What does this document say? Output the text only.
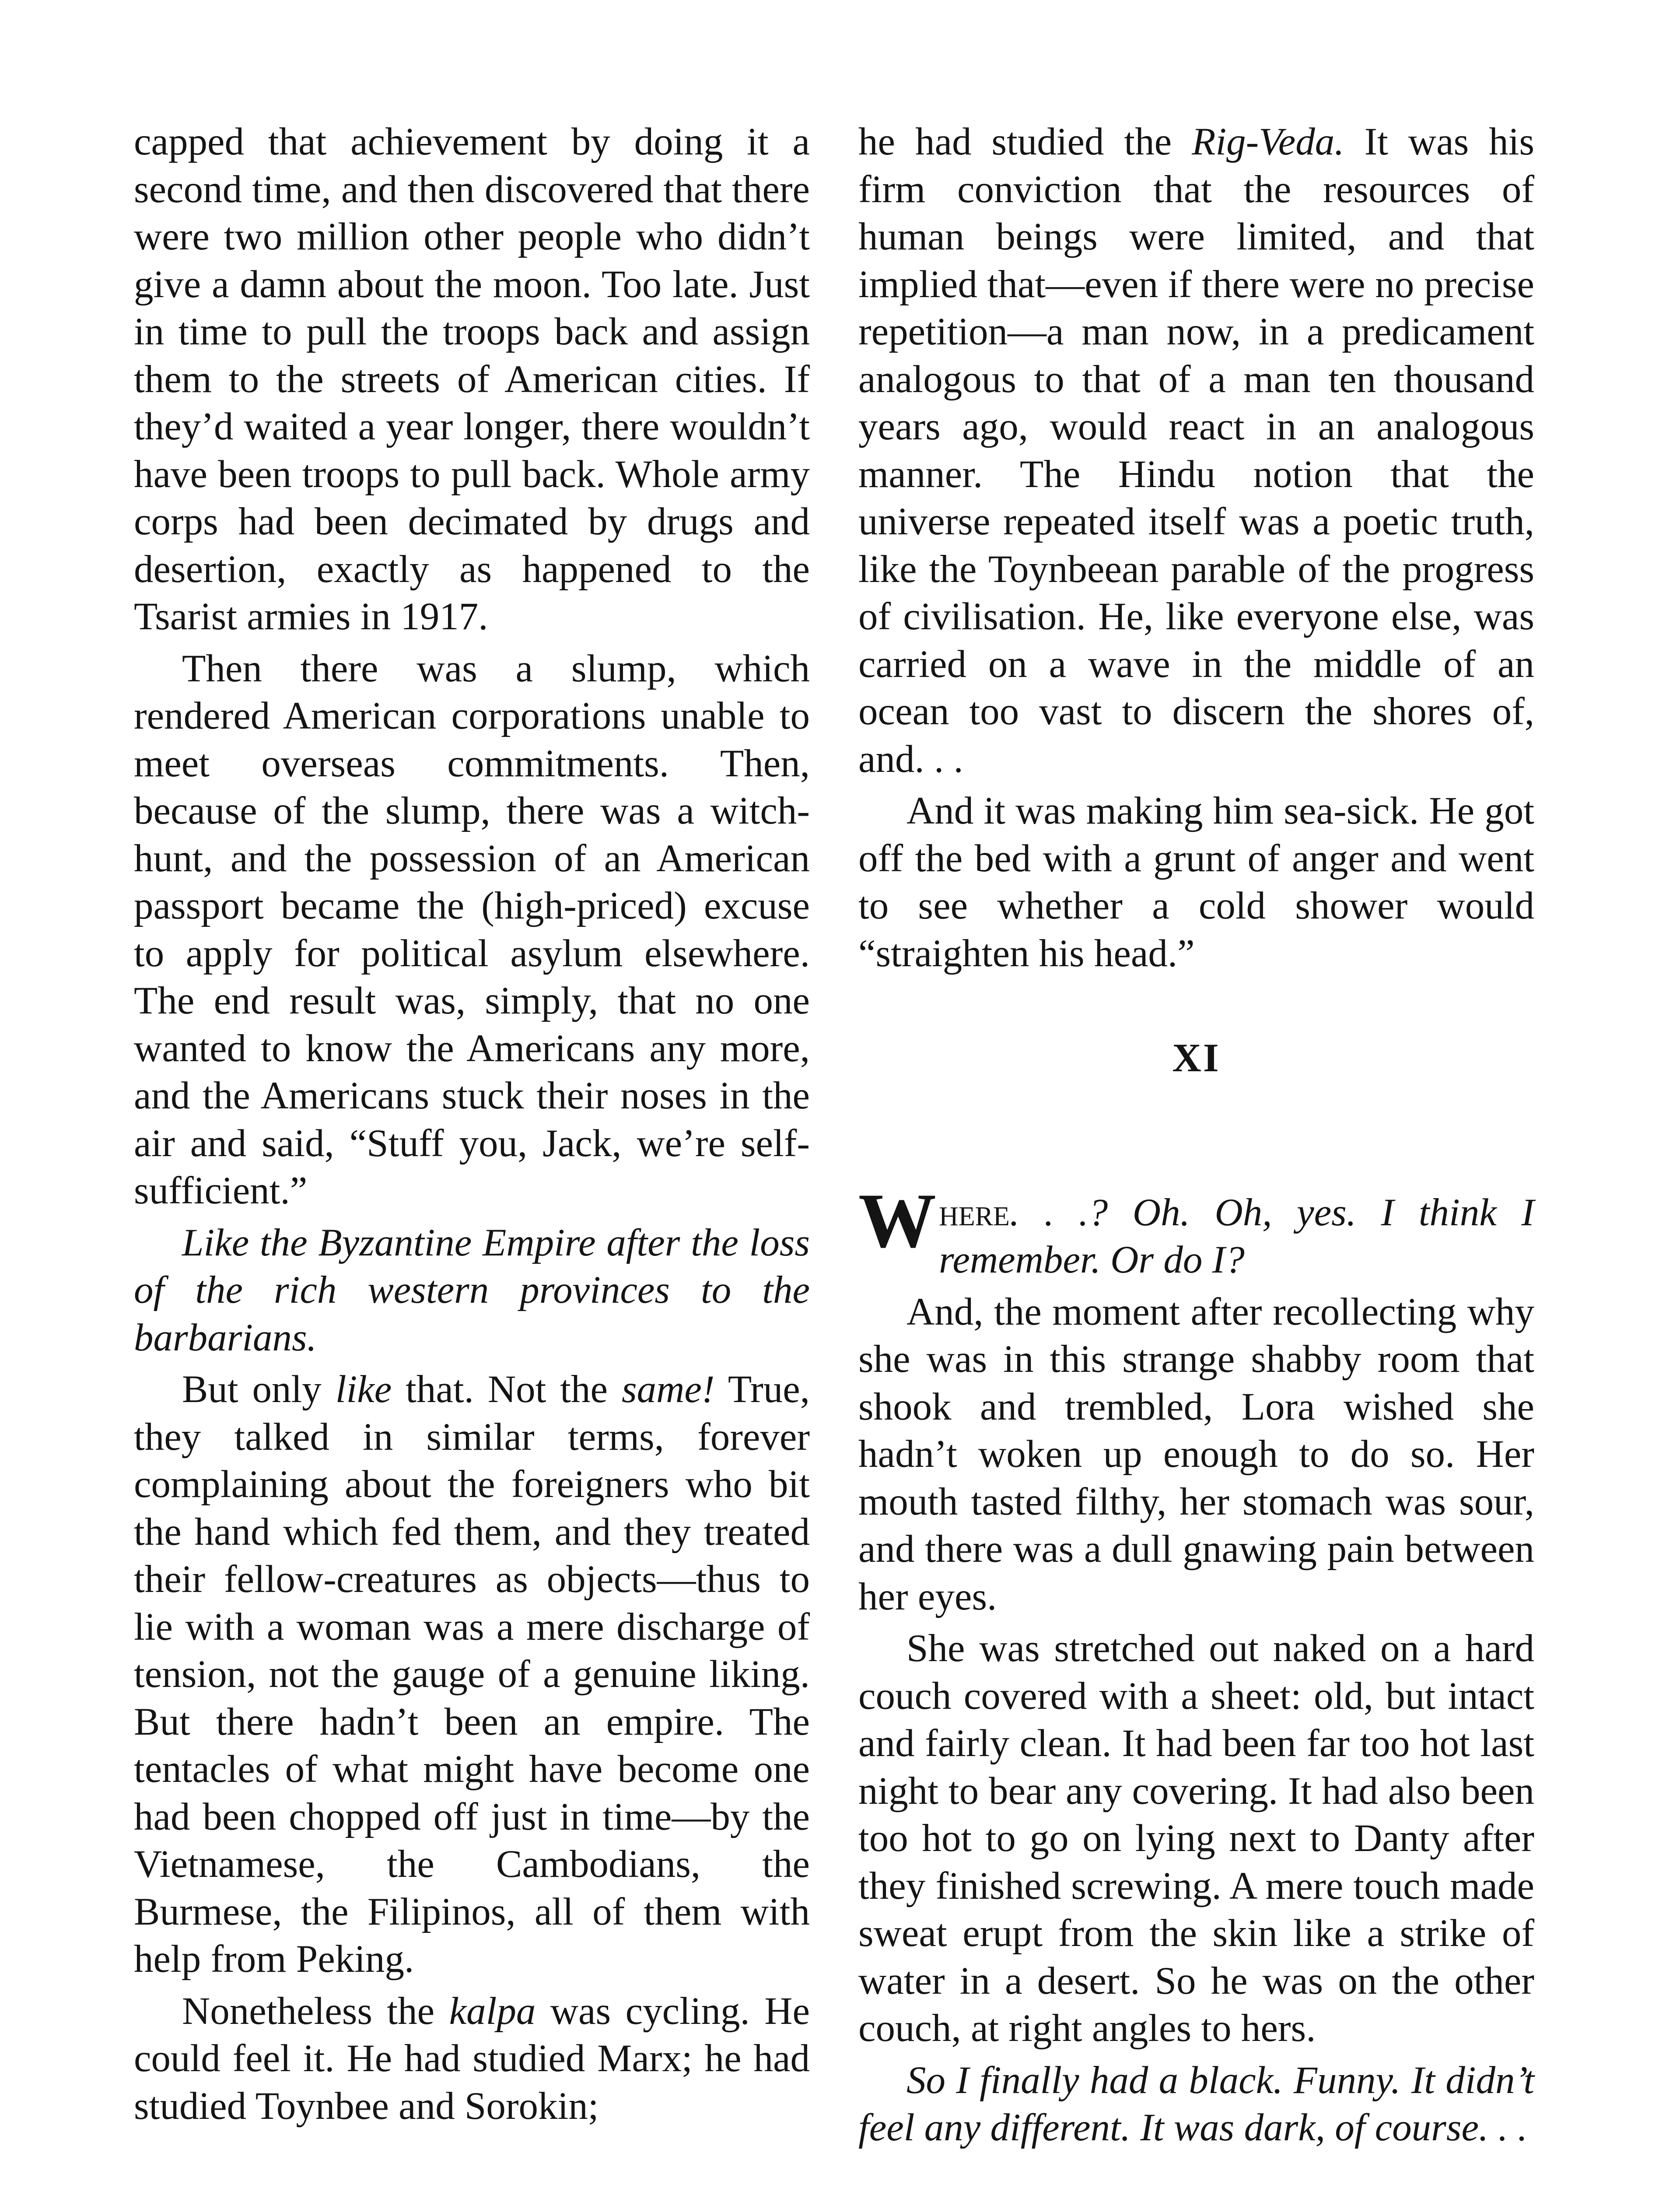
capped that achievement by doing it a second time, and then discovered that there were two million other people who didn’t give a damn about the moon. Too late. Just in time to pull the troops back and assign them to the streets of American cities. If they’d waited a year longer, there wouldn’t have been troops to pull back. Whole army corps had been decimated by drugs and desertion, exactly as happened to the Tsarist armies in 1917.

Then there was a slump, which rendered American corporations unable to meet overseas commitments. Then, because of the slump, there was a witch-hunt, and the possession of an American passport became the (high-priced) excuse to apply for political asylum elsewhere. The end result was, simply, that no one wanted to know the Americans any more, and the Americans stuck their noses in the air and said, “Stuff you, Jack, we’re self-sufficient.”

Like the Byzantine Empire after the loss of the rich western provinces to the barbarians.

But only like that. Not the same! True, they talked in similar terms, forever complaining about the foreigners who bit the hand which fed them, and they treated their fellow-creatures as objects—thus to lie with a woman was a mere discharge of tension, not the gauge of a genuine liking. But there hadn’t been an empire. The tentacles of what might have become one had been chopped off just in time—by the Vietnamese, the Cambodians, the Burmese, the Filipinos, all of them with help from Peking.

Nonetheless the kalpa was cycling. He could feel it. He had studied Marx; he had studied Toynbee and Sorokin;

he had studied the Rig-Veda. It was his firm conviction that the resources of human beings were limited, and that implied that—even if there were no precise repetition—a man now, in a predicament analogous to that of a man ten thousand years ago, would react in an analogous manner. The Hindu notion that the universe repeated itself was a poetic truth, like the Toynbeean parable of the progress of civilisation. He, like everyone else, was carried on a wave in the middle of an ocean too vast to discern the shores of, and. . .

And it was making him sea-sick. He got off the bed with a grunt of anger and went to see whether a cold shower would “straighten his head.”

XI

Where. . .? Oh. Oh, yes. I think I remember. Or do I?

And, the moment after recollecting why she was in this strange shabby room that shook and trembled, Lora wished she hadn’t woken up enough to do so. Her mouth tasted filthy, her stomach was sour, and there was a dull gnawing pain between her eyes.

She was stretched out naked on a hard couch covered with a sheet: old, but intact and fairly clean. It had been far too hot last night to bear any covering. It had also been too hot to go on lying next to Danty after they finished screwing. A mere touch made sweat erupt from the skin like a strike of water in a desert. So he was on the other couch, at right angles to hers.

So I finally had a black. Funny. It didn’t feel any different. It was dark, of course. . .
